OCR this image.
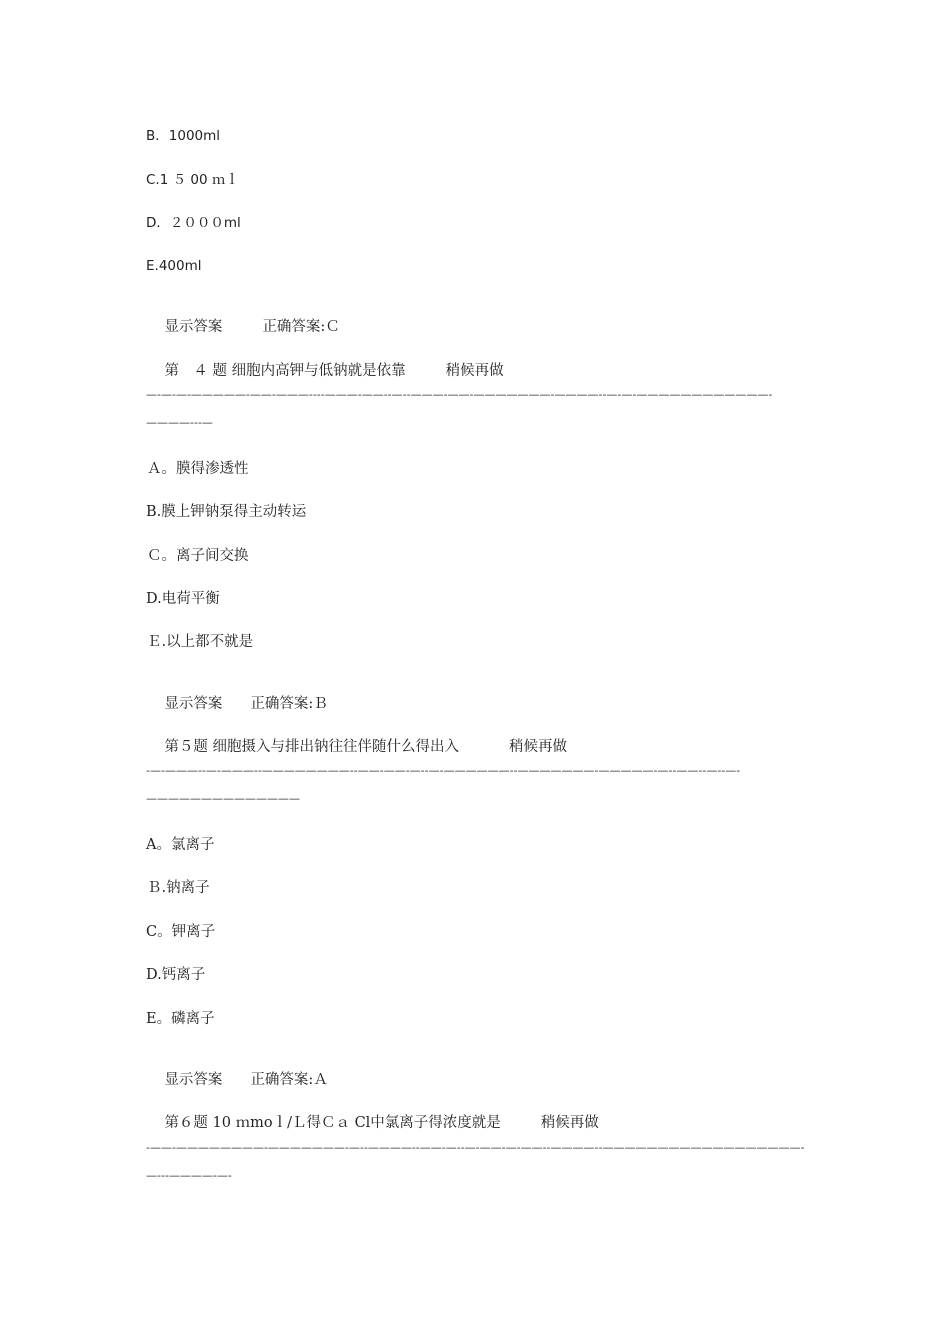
B．1000ml
C.1 ５ 00 ｍｌ
D．２０００ml
E.400ml

显示答案	正确答案:Ｃ

第　４ 题 细胞内高钾与低钠就是依靠	稍候再做

—-—-—-—————-——-———----———-——--—--———-——-———————-————--—-—-————————————-————---—
Ａ。膜得渗透性
B.膜上钾钠泵得主动转运
Ｃ。离子间交换
D.电荷平衡
Ｅ.以上都不就是

显示答案 正确答案:Ｂ

第５题 细胞摄入与排出钠往往伴随什么得出入	稍候再做

-—-———--—-———--————————--——-——-—--—-——————--———————-—————-—--——--—--—-——————————————
A。氯离子
Ｂ.钠离子
C。钾离子
D.钙离子
E。磷离子

显示答案 正确答案:Ａ

第６题 10 ｍmoｌ/Ｌ得Ｃａ Cl中氯离子得浓度就是	稍候再做

-——-————————-———————-—--————--——-—--—-——-—-——--————--——————————————————-—---————-—-
